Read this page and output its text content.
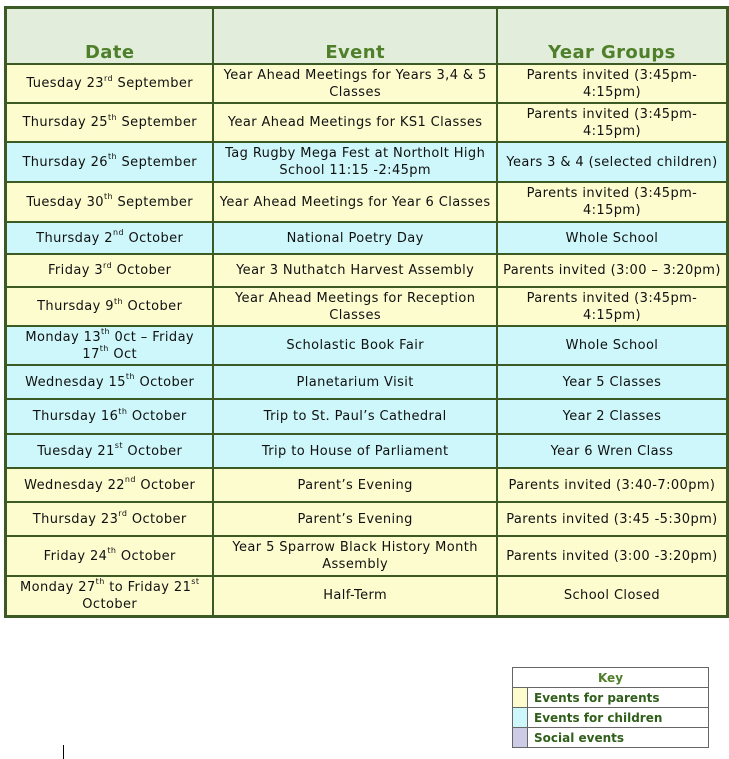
Date	Event	Year Groups
Tuesday 23rd September	Year Ahead Meetings for Years 3,4 & 5 Classes	Parents invited (3:45pm-4:15pm)
Thursday 25th September	Year Ahead Meetings for KS1 Classes	Parents invited (3:45pm-4:15pm)
Thursday 26th September	Tag Rugby Mega Fest at Northolt High School 11:15 -2:45pm	Years 3 & 4 (selected children)
Tuesday 30th September	Year Ahead Meetings for Year 6 Classes	Parents invited (3:45pm-4:15pm)
Thursday 2nd October	National Poetry Day	Whole School
Friday 3rd October	Year 3 Nuthatch Harvest Assembly	Parents invited (3:00 – 3:20pm)
Thursday 9th October	Year Ahead Meetings for Reception Classes	Parents invited (3:45pm-4:15pm)
Monday 13th 0ct – Friday 17th Oct	Scholastic Book Fair	Whole School
Wednesday 15th October	Planetarium Visit	Year 5 Classes
Thursday 16th October	Trip to St. Paul’s Cathedral	Year 2 Classes
Tuesday 21st October	Trip to House of Parliament	Year 6 Wren Class
Wednesday 22nd October	Parent’s Evening	Parents invited (3:40-7:00pm)
Thursday 23rd October	Parent’s Evening	Parents invited (3:45 -5:30pm)
Friday 24th October	Year 5 Sparrow Black History Month Assembly	Parents invited (3:00 -3:20pm)
Monday 27th to Friday 21st October	Half-Term	School Closed
Key	
	Events for parents
	Events for children
	Social events
